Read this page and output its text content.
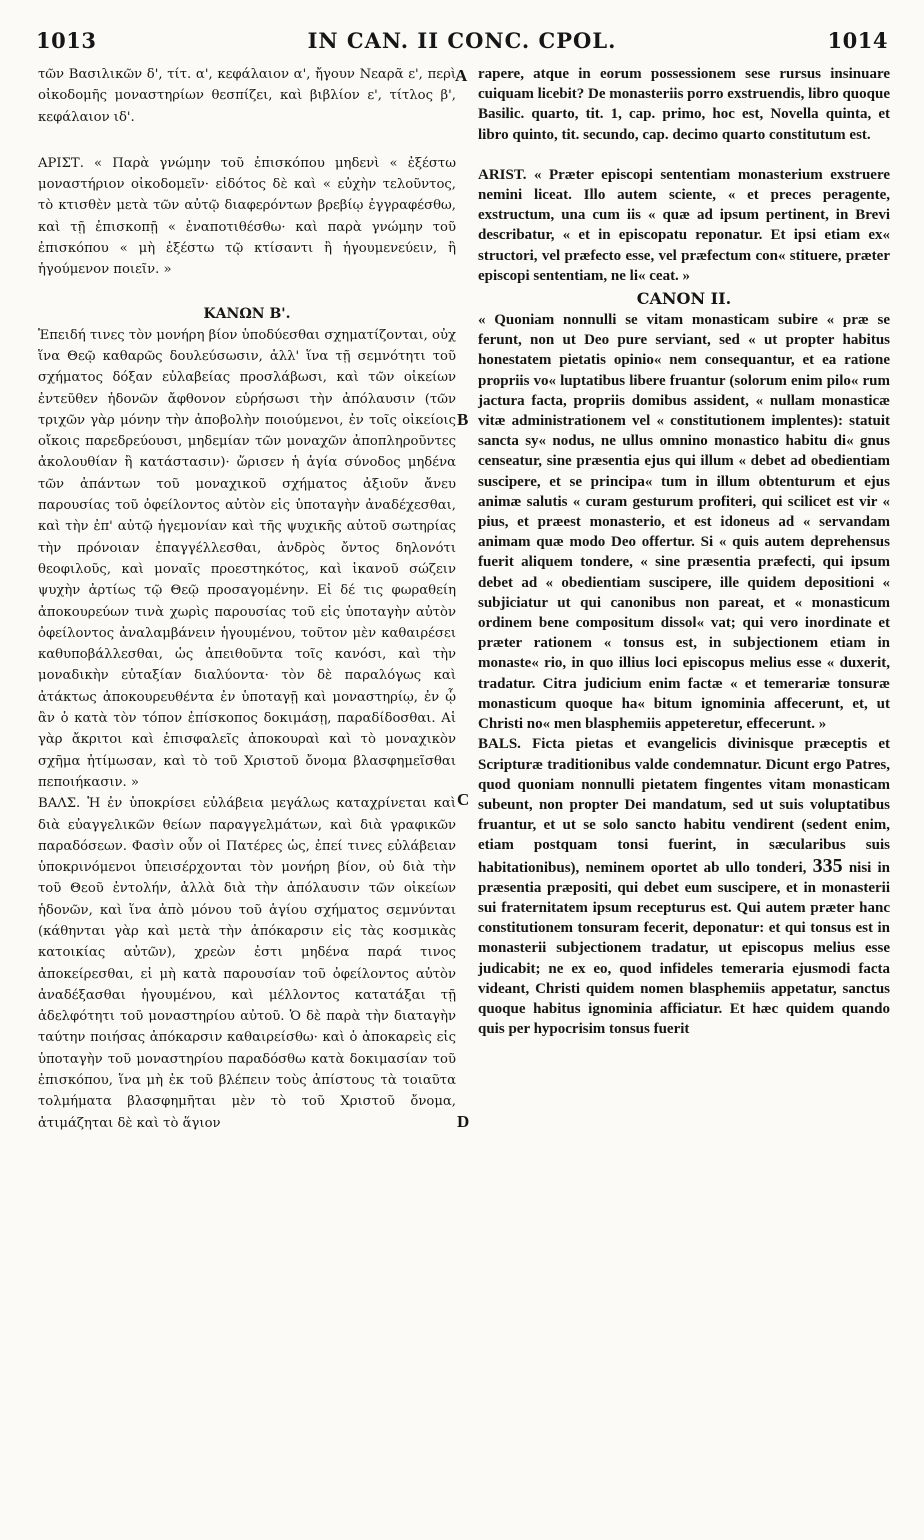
1013	IN CAN. II CONC. CPOL.	1014
A
B
C
D

τῶν Βασιλικῶν δ', τίτ. α', κεφάλαιον α', ἤγουν Νεαρᾶ ε', περὶ οἰκοδομῆς μοναστηρίων θεσπίζει, καὶ βιβλίον ε', τίτλος β', κεφάλαιον ιδ'.

ΑΡΙΣΤ. « Παρὰ γνώμην τοῦ ἐπισκόπου μηδενὶ « ἐξέστω μοναστήριον οἰκοδομεῖν· εἰδότος δὲ καὶ « εὐχὴν τελοῦντος, τὸ κτισθὲν μετὰ τῶν αὐτῷ διαφερόντων βρεβίῳ ἐγγραφέσθω, καὶ τῇ ἐπισκοπῇ « ἐναποτιθέσθω· καὶ παρὰ γνώμην τοῦ ἐπισκόπου « μὴ ἐξέστω τῷ κτίσαντι ἢ ἡγουμενεύειν, ἢ ἡγούμενον ποιεῖν. »

ΚΑΝΩΝ Β'.

Ἐπειδή τινες τὸν μονήρη βίον ὑποδύεσθαι σχηματίζονται, οὐχ ἵνα Θεῷ καθαρῶς δουλεύσωσιν, ἀλλ' ἵνα τῇ σεμνότητι τοῦ σχήματος δόξαν εὐλαβείας προσλάβωσι, καὶ τῶν οἰκείων ἐντεῦθεν ἡδονῶν ἄφθονον εὑρήσωσι τὴν ἀπόλαυσιν (τῶν τριχῶν γὰρ μόνην τὴν ἀποβολὴν ποιούμενοι, ἐν τοῖς οἰκείοις οἴκοις παρεδρεύουσι, μηδεμίαν τῶν μοναχῶν ἀποπληροῦντες ἀκολουθίαν ἢ κατάστασιν)· ὥρισεν ἡ ἁγία σύνοδος μηδένα τῶν ἀπάντων τοῦ μοναχικοῦ σχήματος ἀξιοῦν ἄνευ παρουσίας τοῦ ὀφείλοντος αὐτὸν εἰς ὑποταγὴν ἀναδέχεσθαι, καὶ τὴν ἐπ' αὐτῷ ἡγεμονίαν καὶ τῆς ψυχικῆς αὐτοῦ σωτηρίας τὴν πρόνοιαν ἐπαγγέλλεσθαι, ἀνδρὸς ὄντος δηλονότι θεοφιλοῦς, καὶ μοναῖς προεστηκότος, καὶ ἱκανοῦ σώζειν ψυχὴν ἀρτίως τῷ Θεῷ προσαγομένην. Εἰ δέ τις φωραθείη ἀποκουρεύων τινὰ χωρὶς παρουσίας τοῦ εἰς ὑποταγὴν αὐτὸν ὀφείλοντος ἀναλαμβάνειν ἡγουμένου, τοῦτον μὲν καθαιρέσει καθυποβάλλεσθαι, ὡς ἀπειθοῦντα τοῖς κανόσι, καὶ τὴν μοναδικὴν εὐταξίαν διαλύοντα· τὸν δὲ παραλόγως καὶ ἀτάκτως ἀποκουρευθέντα ἐν ὑποταγῇ καὶ μοναστηρίῳ, ἐν ᾧ ἂν ὁ κατὰ τὸν τόπον ἐπίσκοπος δοκιμάσῃ, παραδίδοσθαι. Αἱ γὰρ ἄκριτοι καὶ ἐπισφαλεῖς ἀποκουραὶ καὶ τὸ μοναχικὸν σχῆμα ἠτίμωσαν, καὶ τὸ τοῦ Χριστοῦ ὄνομα βλασφημεῖσθαι πεποιήκασιν. »

ΒΑΛΣ. Ἡ ἐν ὑποκρίσει εὐλάβεια μεγάλως καταχρίνεται καὶ διὰ εὐαγγελικῶν θείων παραγγελμάτων, καὶ διὰ γραφικῶν παραδόσεων. Φασὶν οὖν οἱ Πατέρες ὡς, ἐπεί τινες εὐλάβειαν ὑποκρινόμενοι ὑπεισέρχονται τὸν μονήρη βίον, οὐ διὰ τὴν τοῦ Θεοῦ ἐντολήν, ἀλλὰ διὰ τὴν ἀπόλαυσιν τῶν οἰκείων ἡδονῶν, καὶ ἵνα ἀπὸ μόνου τοῦ ἁγίου σχήματος σεμνύνται (κάθηνται γὰρ καὶ μετὰ τὴν ἀπόκαρσιν εἰς τὰς κοσμικὰς κατοικίας αὐτῶν), χρεὼν ἐστι μηδένα παρά τινος ἀποκείρεσθαι, εἰ μὴ κατὰ παρουσίαν τοῦ ὀφείλοντος αὐτὸν ἀναδέξασθαι ἡγουμένου, καὶ μέλλοντος κατατάξαι τῇ ἀδελφότητι τοῦ μοναστηρίου αὐτοῦ. Ὁ δὲ παρὰ τὴν διαταγὴν ταύτην ποιήσας ἀπόκαρσιν καθαιρείσθω· καὶ ὁ ἀποκαρεὶς εἰς ὑποταγὴν τοῦ μοναστηρίου παραδόσθω κατὰ δοκιμασίαν τοῦ ἐπισκόπου, ἵνα μὴ ἐκ τοῦ βλέπειν τοὺς ἀπίστους τὰ τοιαῦτα τολμήματα βλασφημῆται μὲν τὸ τοῦ Χριστοῦ ὄνομα, ἀτιμάζηται δὲ καὶ τὸ ἅγιον

rapere, atque in eorum possessionem sese rursus insinuare cuiquam licebit? De monasteriis porro exstruendis, libro quoque Basilic. quarto, tit. 1, cap. primo, hoc est, Novella quinta, et libro quinto, tit. secundo, cap. decimo quarto constitutum est.

ARIST. « Præter episcopi sententiam monasterium exstruere nemini liceat. Illo autem sciente, « et preces peragente, exstructum, una cum iis « quæ ad ipsum pertinent, in Brevi describatur, « et in episcopatu reponatur. Et ipsi etiam ex« structori, vel præfecto esse, vel præfectum con« stituere, præter episcopi sententiam, ne li« ceat. »

CANON II.

« Quoniam nonnulli se vitam monasticam subire « præ se ferunt, non ut Deo pure serviant, sed « ut propter habitus honestatem pietatis opinio« nem consequantur, et ea ratione propriis vo« luptatibus libere fruantur (solorum enim pilo« rum jactura facta, propriis domibus assident, « nullam monasticæ vitæ administrationem vel « constitutionem implentes): statuit sancta sy« nodus, ne ullus omnino monastico habitu di« gnus censeatur, sine præsentia ejus qui illum « debet ad obedientiam suscipere, et se principa« tum in illum obtenturum et ejus animæ salutis « curam gesturum profiteri, qui scilicet est vir « pius, et præest monasterio, et est idoneus ad « servandam animam quæ modo Deo offertur. Si « quis autem deprehensus fuerit aliquem tondere, « sine præsentia præfecti, qui ipsum debet ad « obedientiam suscipere, ille quidem depositioni « subjiciatur ut qui canonibus non pareat, et « monasticum ordinem bene compositum dissol« vat; qui vero inordinate et præter rationem « tonsus est, in subjectionem etiam in monaste« rio, in quo illius loci episcopus melius esse « duxerit, tradatur. Citra judicium enim factæ « et temerariæ tonsuræ monasticum quoque ha« bitum ignominia affecerunt, et, ut Christi no« men blasphemiis appeteretur, effecerunt. »

BALS. Ficta pietas et evangelicis divinisque præceptis et Scripturæ traditionibus valde condemnatur. Dicunt ergo Patres, quod quoniam nonnulli pietatem fingentes vitam monasticam subeunt, non propter Dei mandatum, sed ut suis voluptatibus fruantur, et ut se solo sancto habitu vendirent (sedent enim, etiam postquam tonsi fuerint, in sæcularibus suis habitationibus), neminem oportet ab ullo tonderi, 335 nisi in præsentia præpositi, qui debet eum suscipere, et in monasterii sui fraternitatem ipsum recepturus est. Qui autem præter hanc constitutionem tonsuram fecerit, deponatur: et qui tonsus est in monasterii subjectionem tradatur, ut episcopus melius esse judicabit; ne ex eo, quod infideles temeraria ejusmodi facta videant, Christi quidem nomen blasphemiis appetatur, sanctus quoque habitus ignominia afficiatur. Et hæc quidem quando quis per hypocrisim tonsus fuerit
